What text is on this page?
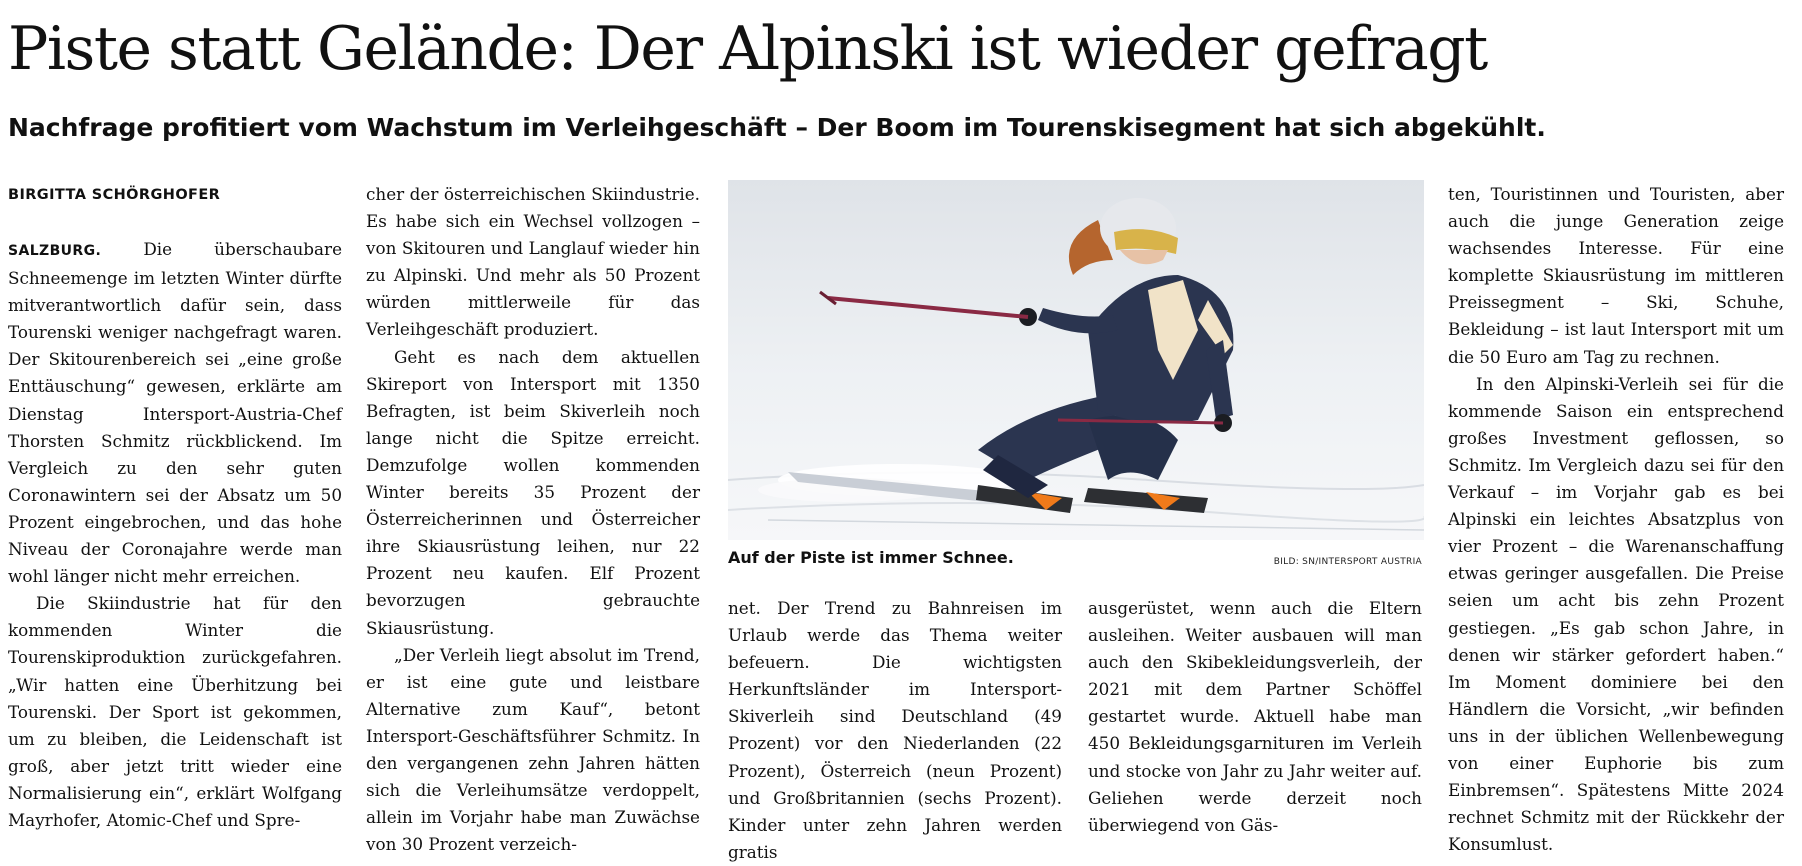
Piste statt Gelände: Der Alpinski ist wieder gefragt
Nachfrage profitiert vom Wachstum im Verleihgeschäft – Der Boom im Tourenskisegment hat sich abgekühlt.
BIRGITTA SCHÖRGHOFER

SALZBURG.	Die überschaubare Schneemenge im letzten Winter dürfte mitverantwortlich dafür sein, dass Tourenski weniger nachgefragt waren. Der Skitourenbereich sei „eine große Enttäuschung“ gewesen, erklärte am Dienstag Intersport-Austria-Chef Thorsten Schmitz rückblickend. Im Vergleich zu den sehr guten Coronawintern sei der Absatz um 50 Prozent eingebrochen, und das hohe Niveau der Coronajahre werde man wohl länger nicht mehr erreichen.

Die Skiindustrie hat für den kommenden Winter die Tourenskiproduktion zurückgefahren. „Wir hatten eine Überhitzung bei Tourenski. Der Sport ist gekommen, um zu bleiben, die Leidenschaft ist groß, aber jetzt tritt wieder eine Normalisierung ein“, erklärt Wolfgang Mayrhofer, Atomic-Chef und Spre-

cher der österreichischen Skiindustrie. Es habe sich ein Wechsel vollzogen – von Skitouren und Langlauf wieder hin zu Alpinski. Und mehr als 50 Prozent würden mittlerweile für das Verleihgeschäft produziert.

Geht es nach dem aktuellen Skireport von Intersport mit 1350 Befragten, ist beim Skiverleih noch lange nicht die Spitze erreicht. Demzufolge wollen kommenden Winter bereits 35 Prozent der Österreicherinnen und Österreicher ihre Skiausrüstung leihen, nur 22 Prozent neu kaufen. Elf Prozent bevorzugen gebrauchte Skiausrüstung.

„Der Verleih liegt absolut im Trend, er ist eine gute und leistbare Alternative zum Kauf“, betont Intersport-Geschäftsführer Schmitz. In den vergangenen zehn Jahren hätten sich die Verleihumsätze verdoppelt, allein im Vorjahr habe man Zuwächse von 30 Prozent verzeich-

Auf der Piste ist immer Schnee.	BILD: SN/INTERSPORT AUSTRIA

net. Der Trend zu Bahnreisen im Urlaub werde das Thema weiter befeuern. Die wichtigsten Herkunftsländer im Intersport-Skiverleih sind Deutschland (49 Prozent) vor den Niederlanden (22 Prozent), Österreich (neun Prozent) und Großbritannien (sechs Prozent). Kinder unter zehn Jahren werden gratis

ausgerüstet, wenn auch die Eltern ausleihen. Weiter ausbauen will man auch den Skibekleidungsverleih, der 2021 mit dem Partner Schöffel gestartet wurde. Aktuell habe man 450 Bekleidungsgarnituren im Verleih und stocke von Jahr zu Jahr weiter auf. Geliehen werde derzeit noch überwiegend von Gäs-

ten, Touristinnen und Touristen, aber auch die junge Generation zeige wachsendes Interesse. Für eine komplette Skiausrüstung im mittleren Preissegment – Ski, Schuhe, Bekleidung – ist laut Intersport mit um die 50 Euro am Tag zu rechnen.

In den Alpinski-Verleih sei für die kommende Saison ein entsprechend großes Investment geflossen, so Schmitz. Im Vergleich dazu sei für den Verkauf – im Vorjahr gab es bei Alpinski ein leichtes Absatzplus von vier Prozent – die Warenanschaffung etwas geringer ausgefallen. Die Preise seien um acht bis zehn Prozent gestiegen. „Es gab schon Jahre, in denen wir stärker gefordert haben.“ Im Moment dominiere bei den Händlern die Vorsicht, „wir befinden uns in der üblichen Wellenbewegung von einer Euphorie bis zum Einbremsen“. Spätestens Mitte 2024 rechnet Schmitz mit der Rückkehr der Konsumlust.
